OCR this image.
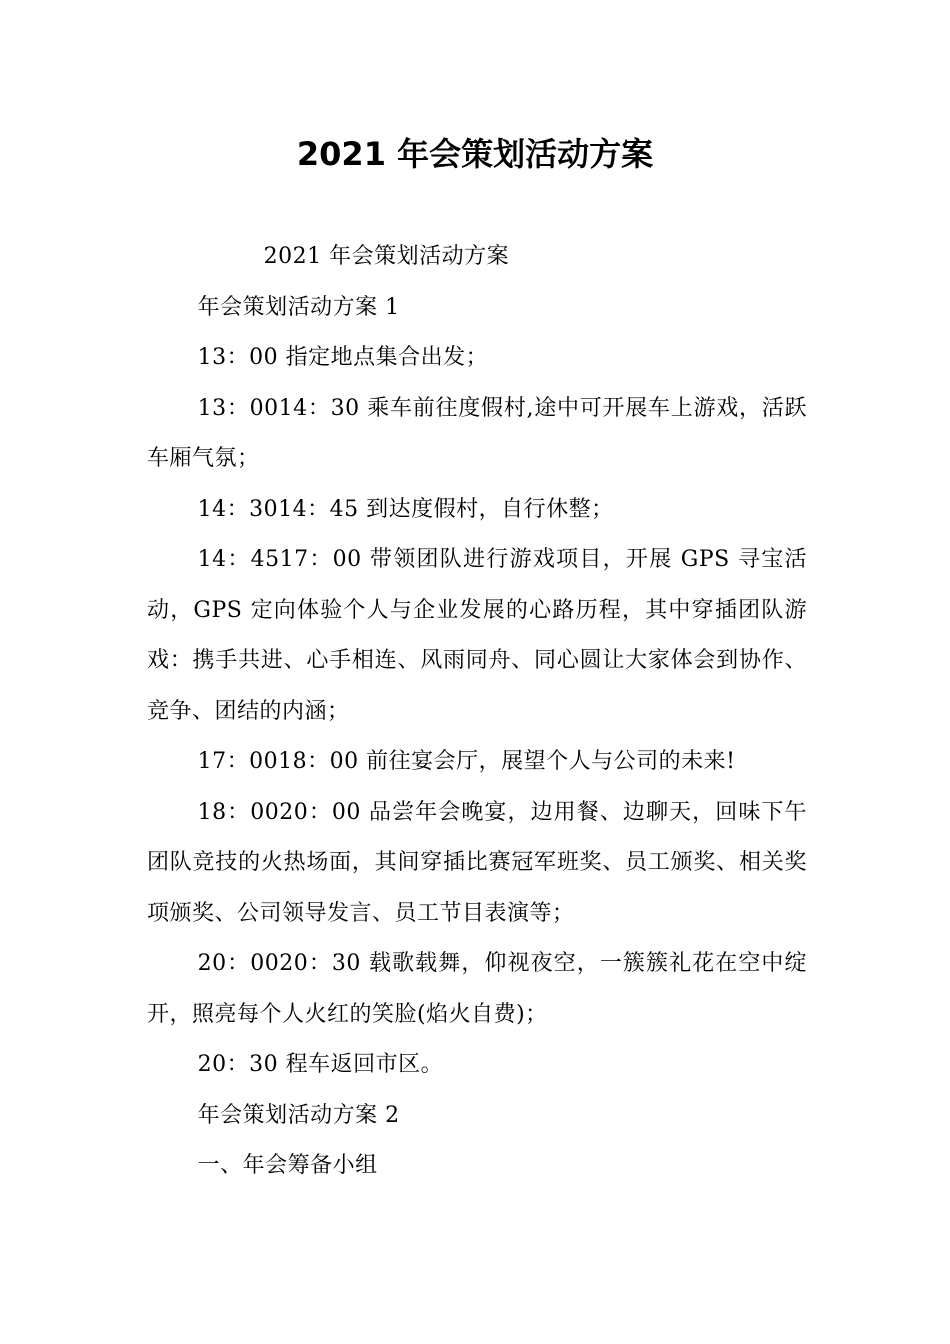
2021 年会策划活动方案

2021 年会策划活动方案

年会策划活动方案 1

13：00 指定地点集合出发；

13：0014：30 乘车前往度假村,途中可开展车上游戏，活跃车厢气氛；

14：3014：45 到达度假村，自行休整；

14：4517：00 带领团队进行游戏项目，开展 GPS 寻宝活动，GPS 定向体验个人与企业发展的心路历程，其中穿插团队游戏：携手共进、心手相连、风雨同舟、同心圆让大家体会到协作、竞争、团结的内涵；

17：0018：00 前往宴会厅，展望个人与公司的未来!

18：0020：00 品尝年会晚宴，边用餐、边聊天，回味下午团队竞技的火热场面，其间穿插比赛冠军班奖、员工颁奖、相关奖项颁奖、公司领导发言、员工节目表演等；

20：0020：30 载歌载舞，仰视夜空，一簇簇礼花在空中绽开，照亮每个人火红的笑脸(焰火自费)；

20：30 程车返回市区。

年会策划活动方案 2

一、年会筹备小组
